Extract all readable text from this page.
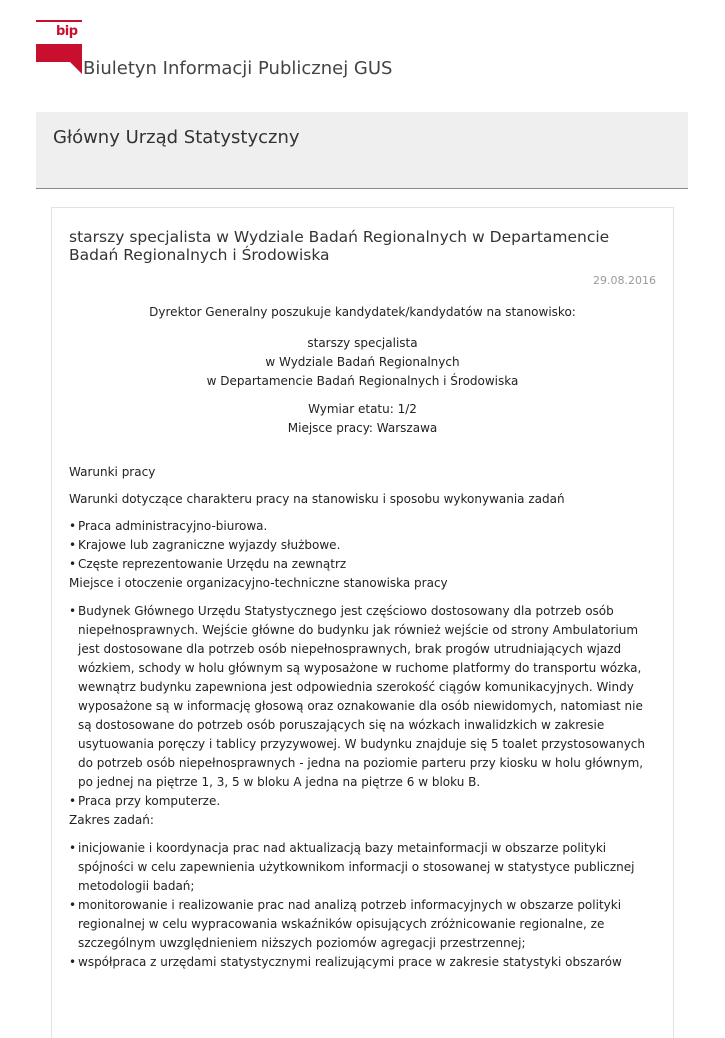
bip
Biuletyn Informacji Publicznej GUS
Główny Urząd Statystyczny
starszy specjalista w Wydziale Badań Regionalnych w Departamencie Badań Regionalnych i Środowiska
29.08.2016

Dyrektor Generalny poszukuje kandydatek/kandydatów na stanowisko:

starszy specjalista

w Wydziale Badań Regionalnych

w Departamencie Badań Regionalnych i Środowiska

Wymiar etatu: 1/2

Miejsce pracy: Warszawa

Warunki pracy

Warunki dotyczące charakteru pracy na stanowisku i sposobu wykonywania zadań

• Praca administracyjno-biurowa.
• Krajowe lub zagraniczne wyjazdy służbowe.
• Częste reprezentowanie Urzędu na zewnątrz

Miejsce i otoczenie organizacyjno-techniczne stanowiska pracy

• Budynek Głównego Urzędu Statystycznego jest częściowo dostosowany dla potrzeb osób niepełnosprawnych. Wejście główne do budynku jak również wejście od strony Ambulatorium jest dostosowane dla potrzeb osób niepełnosprawnych, brak progów utrudniających wjazd wózkiem, schody w holu głównym są wyposażone w ruchome platformy do transportu wózka, wewnątrz budynku zapewniona jest odpowiednia szerokość ciągów komunikacyjnych. Windy wyposażone są w informację głosową oraz oznakowanie dla osób niewidomych, natomiast nie są dostosowane do potrzeb osób poruszających się na wózkach inwalidzkich w zakresie usytuowania poręczy i tablicy przyzywowej. W budynku znajduje się 5 toalet przystosowanych do potrzeb osób niepełnosprawnych - jedna na poziomie parteru przy kiosku w holu głównym, po jednej na piętrze 1, 3, 5 w bloku A jedna na piętrze 6 w bloku B.
• Praca przy komputerze.

Zakres zadań:

• inicjowanie i koordynacja prac nad aktualizacją bazy metainformacji w obszarze polityki spójności w celu zapewnienia użytkownikom informacji o stosowanej w statystyce publicznej metodologii badań;
• monitorowanie i realizowanie prac nad analizą potrzeb informacyjnych w obszarze polityki regionalnej w celu wypracowania wskaźników opisujących zróżnicowanie regionalne, ze szczególnym uwzględnieniem niższych poziomów agregacji przestrzennej;
• współpraca z urzędami statystycznymi realizującymi prace w zakresie statystyki obszarów
